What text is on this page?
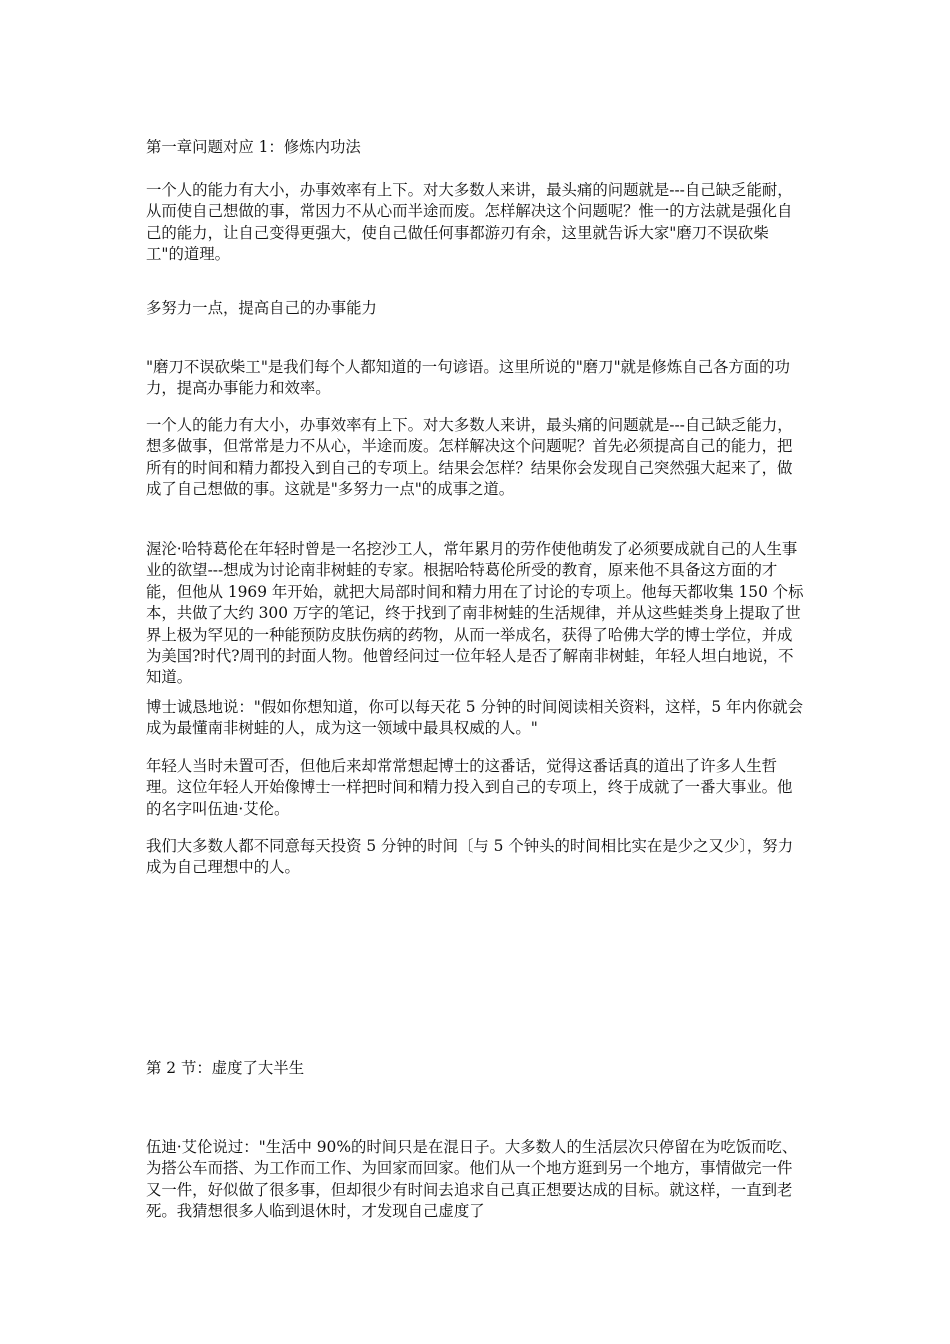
第一章问题对应 1：修炼内功法

一个人的能力有大小，办事效率有上下。对大多数人来讲，最头痛的问题就是---自己缺乏能耐，从而使自己想做的事，常因力不从心而半途而废。怎样解决这个问题呢？惟一的方法就是强化自己的能力，让自己变得更强大，使自己做任何事都游刃有余，这里就告诉大家"磨刀不误砍柴工"的道理。

多努力一点，提高自己的办事能力

"磨刀不误砍柴工"是我们每个人都知道的一句谚语。这里所说的"磨刀"就是修炼自己各方面的功力，提高办事能力和效率。

一个人的能力有大小，办事效率有上下。对大多数人来讲，最头痛的问题就是---自己缺乏能力，想多做事，但常常是力不从心，半途而废。怎样解决这个问题呢？首先必须提高自己的能力，把所有的时间和精力都投入到自己的专项上。结果会怎样？结果你会发现自己突然强大起来了，做成了自己想做的事。这就是"多努力一点"的成事之道。

渥沦·哈特葛伦在年轻时曾是一名挖沙工人，常年累月的劳作使他萌发了必须要成就自己的人生事业的欲望---想成为讨论南非树蛙的专家。根据哈特葛伦所受的教育，原来他不具备这方面的才能，但他从 1969 年开始，就把大局部时间和精力用在了讨论的专项上。他每天都收集 150 个标本，共做了大约 300 万字的笔记，终于找到了南非树蛙的生活规律，并从这些蛙类身上提取了世界上极为罕见的一种能预防皮肤伤病的药物，从而一举成名，获得了哈佛大学的博士学位，并成为美国?时代?周刊的封面人物。他曾经问过一位年轻人是否了解南非树蛙，年轻人坦白地说，不知道。

博士诚恳地说："假如你想知道，你可以每天花 5 分钟的时间阅读相关资料，这样，5 年内你就会成为最懂南非树蛙的人，成为这一领域中最具权威的人。"

年轻人当时未置可否，但他后来却常常想起博士的这番话，觉得这番话真的道出了许多人生哲理。这位年轻人开始像博士一样把时间和精力投入到自己的专项上，终于成就了一番大事业。他的名字叫伍迪·艾伦。

我们大多数人都不同意每天投资 5 分钟的时间〔与 5 个钟头的时间相比实在是少之又少〕，努力成为自己理想中的人。

第 2 节：虚度了大半生

伍迪·艾伦说过："生活中 90%的时间只是在混日子。大多数人的生活层次只停留在为吃饭而吃、为搭公车而搭、为工作而工作、为回家而回家。他们从一个地方逛到另一个地方，事情做完一件又一件，好似做了很多事，但却很少有时间去追求自己真正想要达成的目标。就这样，一直到老死。我猜想很多人临到退休时，才发现自己虚度了
